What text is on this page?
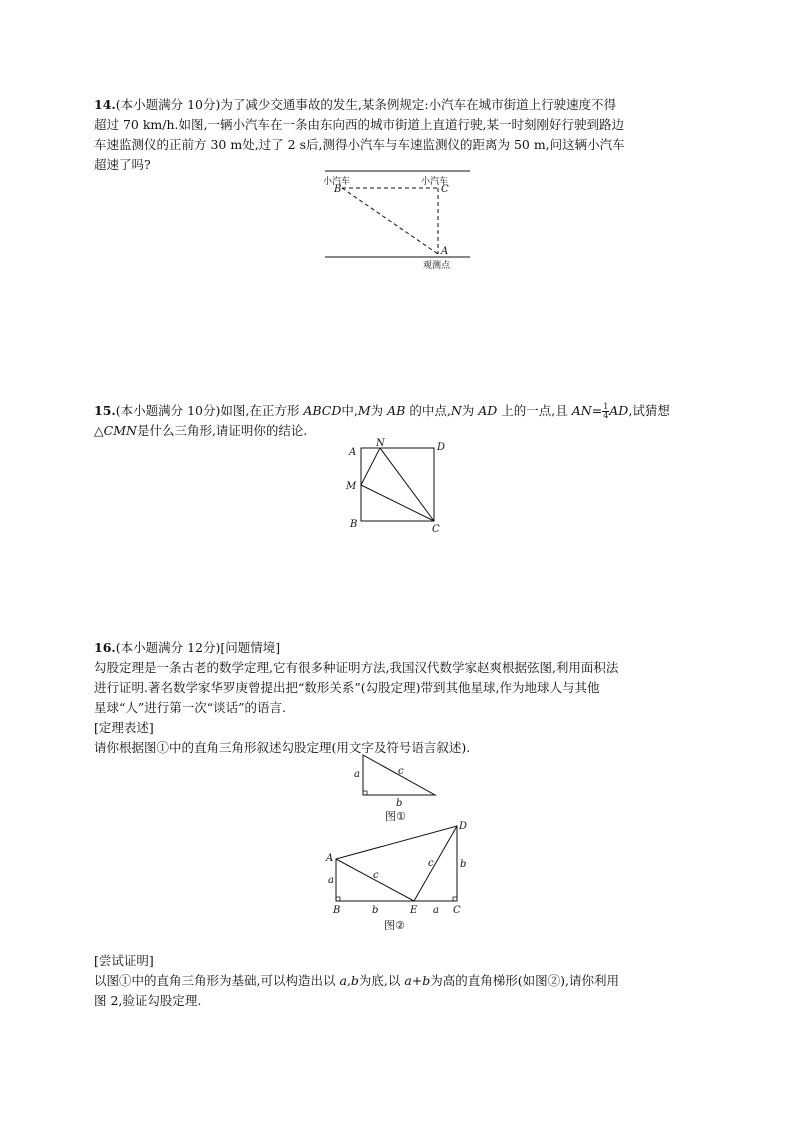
14.(本小题满分 10分)为了减少交通事故的发生,某条例规定:小汽车在城市街道上行驶速度不得

超过 70 km/h.如图,一辆小汽车在一条由东向西的城市街道上直道行驶,某一时刻刚好行驶到路边

车速监测仪的正前方 30 m处,过了 2 s后,测得小汽车与车速监测仪的距离为 50 m,问这辆小汽车

超速了吗?

小汽车	小汽车
B	C
A
观测点

15.(本小题满分 10分)如图,在正方形 ABCD中,M为 AB 的中点,N为 AD 上的一点,且 $AN= \frac{1}{4}$ AD,试猜想

△CMN是什么三角形,请证明你的结论.

A
N	D
M
B	C

16.(本小题满分 12分)[问题情境]

勾股定理是一条古老的数学定理,它有很多种证明方法,我国汉代数学家赵爽根据弦图,利用面积法

进行证明.著名数学家华罗庚曾提出把“数形关系”(勾股定理)带到其他星球,作为地球人与其他

星球“人”进行第一次“谈话”的语言.

[定理表述]

请你根据图①中的直角三角形叙述勾股定理(用文字及符号语言叙述).

a	c
b
图①
A
D
a	c
c	b
B	b	E a C
图②

[尝试证明]

以图①中的直角三角形为基础,可以构造出以 a,b为底,以 a+b为高的直角梯形(如图②),请你利用

图 2,验证勾股定理.
